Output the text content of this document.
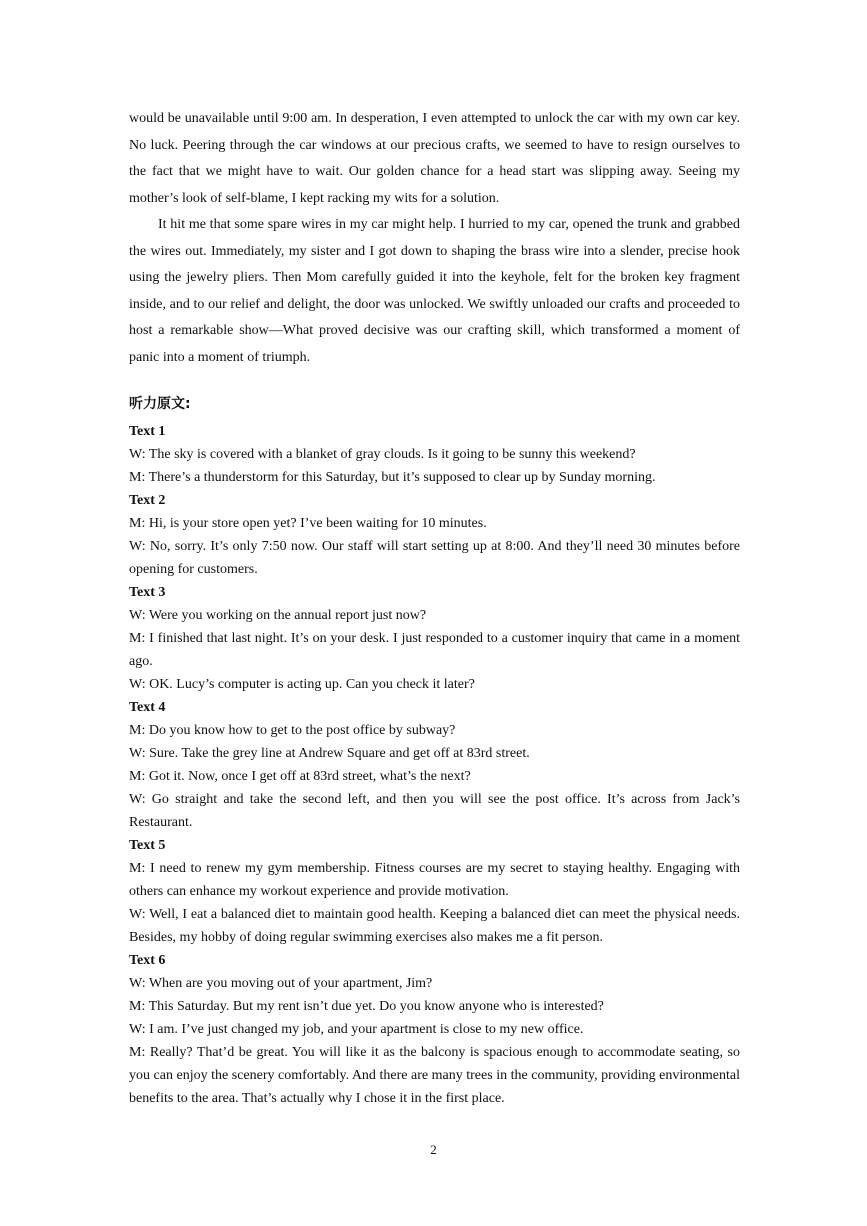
would be unavailable until 9:00 am. In desperation, I even attempted to unlock the car with my own car key. No luck. Peering through the car windows at our precious crafts, we seemed to have to resign ourselves to the fact that we might have to wait. Our golden chance for a head start was slipping away. Seeing my mother’s look of self-blame, I kept racking my wits for a solution.

It hit me that some spare wires in my car might help. I hurried to my car, opened the trunk and grabbed the wires out. Immediately, my sister and I got down to shaping the brass wire into a slender, precise hook using the jewelry pliers. Then Mom carefully guided it into the keyhole, felt for the broken key fragment inside, and to our relief and delight, the door was unlocked. We swiftly unloaded our crafts and proceeded to host a remarkable show—What proved decisive was our crafting skill, which transformed a moment of panic into a moment of triumph.

听力原文:

Text 1

W: The sky is covered with a blanket of gray clouds. Is it going to be sunny this weekend?

M: There’s a thunderstorm for this Saturday, but it’s supposed to clear up by Sunday morning.

Text 2

M: Hi, is your store open yet? I’ve been waiting for 10 minutes.

W: No, sorry. It’s only 7:50 now. Our staff will start setting up at 8:00. And they’ll need 30 minutes before opening for customers.

Text 3

W: Were you working on the annual report just now?

M: I finished that last night. It’s on your desk. I just responded to a customer inquiry that came in a moment ago.

W: OK. Lucy’s computer is acting up. Can you check it later?

Text 4

M: Do you know how to get to the post office by subway?

W: Sure. Take the grey line at Andrew Square and get off at 83rd street.

M: Got it. Now, once I get off at 83rd street, what’s the next?

W: Go straight and take the second left, and then you will see the post office. It’s across from Jack’s Restaurant.

Text 5

M: I need to renew my gym membership. Fitness courses are my secret to staying healthy. Engaging with others can enhance my workout experience and provide motivation.

W: Well, I eat a balanced diet to maintain good health. Keeping a balanced diet can meet the physical needs. Besides, my hobby of doing regular swimming exercises also makes me a fit person.

Text 6

W: When are you moving out of your apartment, Jim?

M: This Saturday. But my rent isn’t due yet. Do you know anyone who is interested?

W: I am. I’ve just changed my job, and your apartment is close to my new office.

M: Really? That’d be great. You will like it as the balcony is spacious enough to accommodate seating, so you can enjoy the scenery comfortably. And there are many trees in the community, providing environmental benefits to the area. That’s actually why I chose it in the first place.

2
